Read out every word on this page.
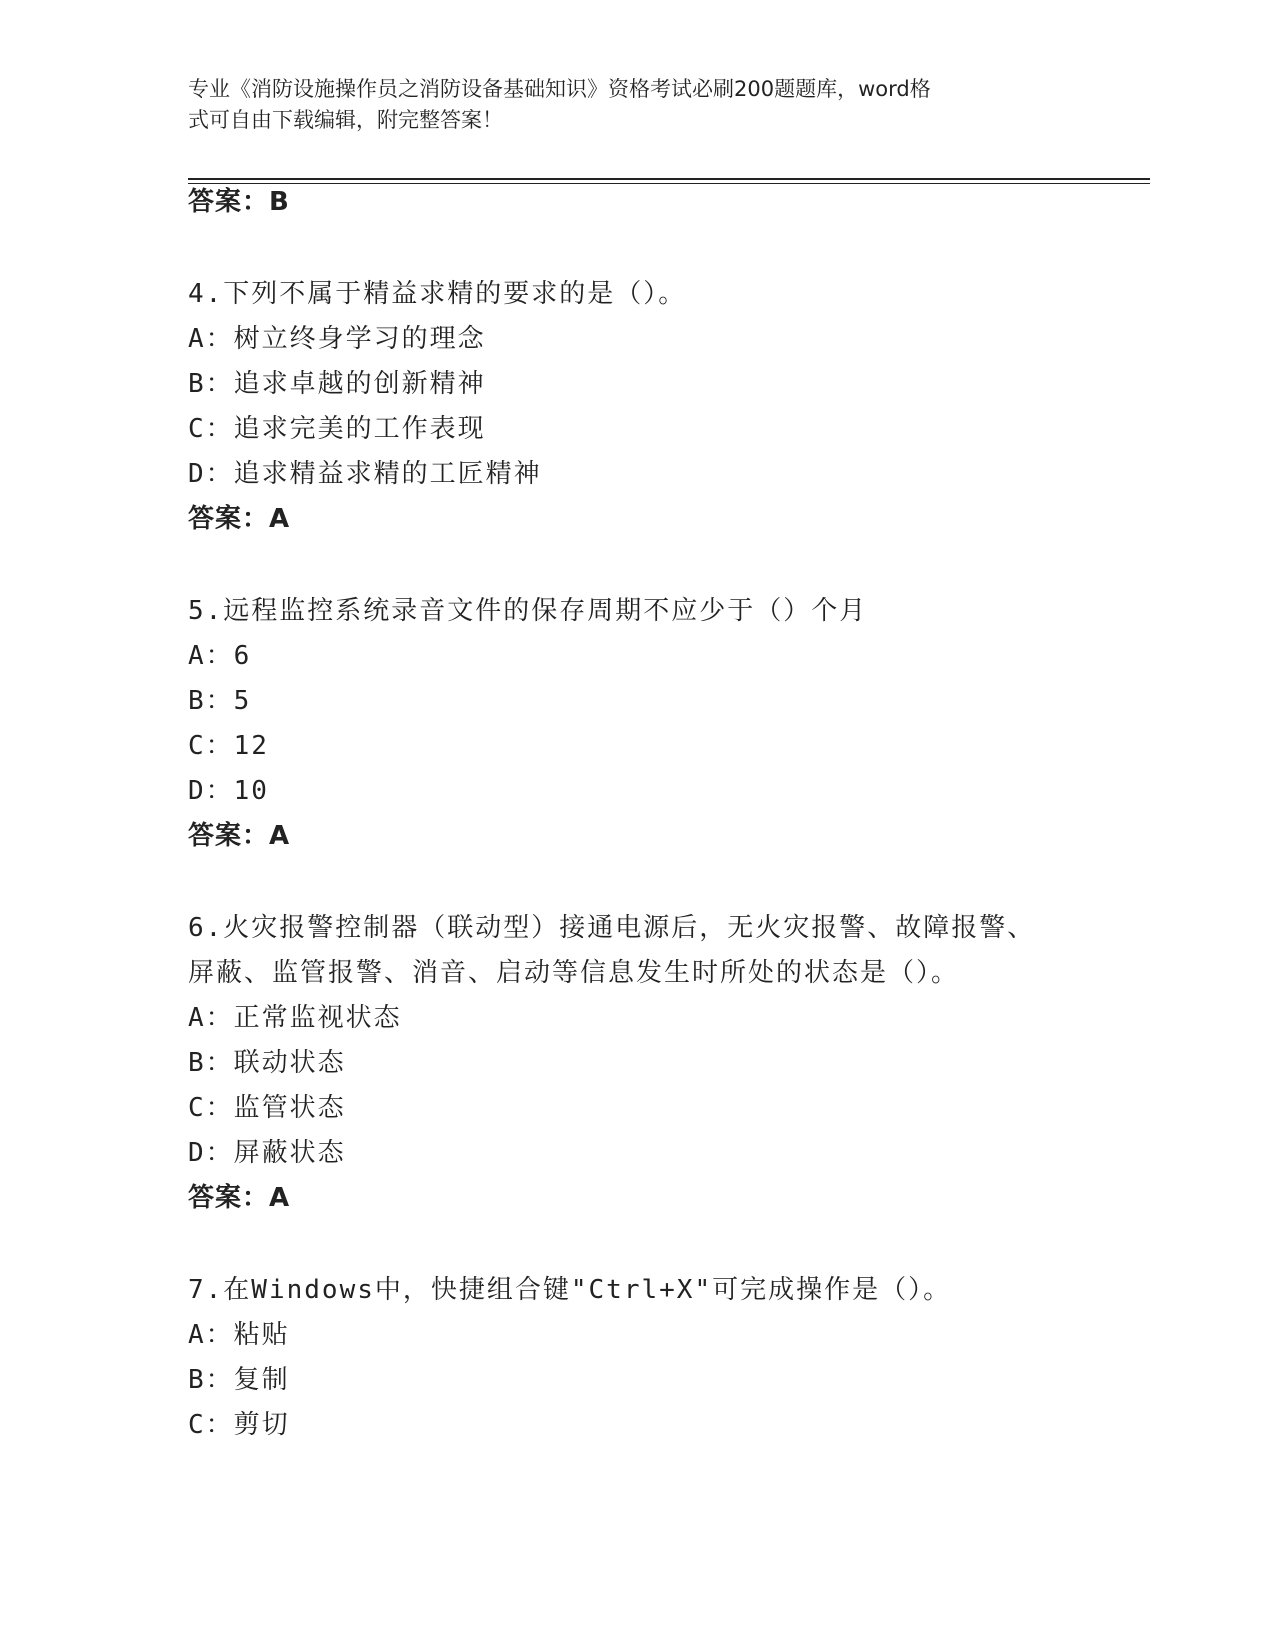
专业《消防设施操作员之消防设备基础知识》资格考试必刷200题题库，word格
式可自由下载编辑，附完整答案！
答案：B
4.下列不属于精益求精的要求的是（）。
A：树立终身学习的理念
B：追求卓越的创新精神
C：追求完美的工作表现
D：追求精益求精的工匠精神
答案：A
5.远程监控系统录音文件的保存周期不应少于（）个月
A：6
B：5
C：12
D：10
答案：A
6.火灾报警控制器（联动型）接通电源后，无火灾报警、故障报警、
屏蔽、监管报警、消音、启动等信息发生时所处的状态是（）。
A：正常监视状态
B：联动状态
C：监管状态
D：屏蔽状态
答案：A
7.在Windows中，快捷组合键"Ctrl+X"可完成操作是（）。
A：粘贴
B：复制
C：剪切
